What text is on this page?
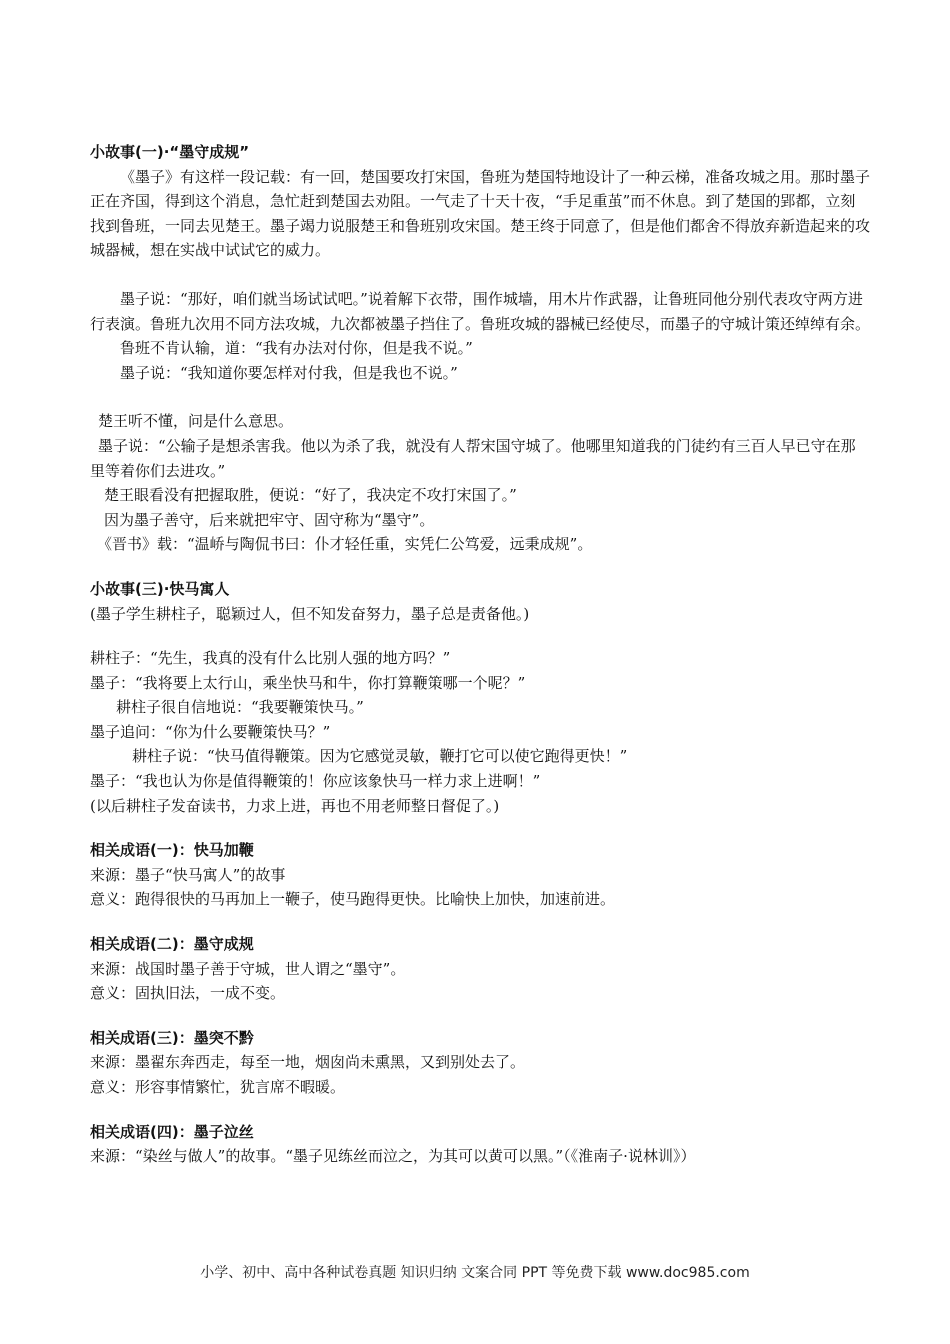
小故事(一)·“墨守成规”
《墨子》有这样一段记载：有一回，楚国要攻打宋国，鲁班为楚国特地设计了一种云梯，准备攻城之用。那时墨子正在齐国，得到这个消息，急忙赶到楚国去劝阻。一气走了十天十夜，“手足重茧”而不休息。到了楚国的郢都，立刻找到鲁班，一同去见楚王。墨子竭力说服楚王和鲁班别攻宋国。楚王终于同意了，但是他们都舍不得放弃新造起来的攻城器械，想在实战中试试它的威力。
墨子说：“那好，咱们就当场试试吧。”说着解下衣带，围作城墙，用木片作武器，让鲁班同他分别代表攻守两方进行表演。鲁班九次用不同方法攻城，九次都被墨子挡住了。鲁班攻城的器械已经使尽，而墨子的守城计策还绰绰有余。
鲁班不肯认输，道：“我有办法对付你，但是我不说。”
墨子说：“我知道你要怎样对付我，但是我也不说。”
楚王听不懂，问是什么意思。
墨子说：“公输子是想杀害我。他以为杀了我，就没有人帮宋国守城了。他哪里知道我的门徒约有三百人早已守在那里等着你们去进攻。”
楚王眼看没有把握取胜，便说：“好了，我决定不攻打宋国了。”
因为墨子善守，后来就把牢守、固守称为“墨守”。
《晋书》载：“温峤与陶侃书曰：仆才轻任重，实凭仁公笃爱，远秉成规”。
小故事(三)·快马寓人
(墨子学生耕柱子，聪颖过人，但不知发奋努力，墨子总是责备他。)
耕柱子：“先生，我真的没有什么比别人强的地方吗？”
墨子：“我将要上太行山，乘坐快马和牛，你打算鞭策哪一个呢？”
耕柱子很自信地说：“我要鞭策快马。”
墨子追问：“你为什么要鞭策快马？”
耕柱子说：“快马值得鞭策。因为它感觉灵敏，鞭打它可以使它跑得更快！”
墨子：“我也认为你是值得鞭策的！你应该象快马一样力求上进啊！”
(以后耕柱子发奋读书，力求上进，再也不用老师整日督促了。)
相关成语(一)：快马加鞭
来源：墨子“快马寓人”的故事
意义：跑得很快的马再加上一鞭子，使马跑得更快。比喻快上加快，加速前进。
相关成语(二)：墨守成规
来源：战国时墨子善于守城，世人谓之“墨守”。
意义：固执旧法，一成不变。
相关成语(三)：墨突不黔
来源：墨翟东奔西走，每至一地，烟囱尚未熏黑，又到别处去了。
意义：形容事情繁忙，犹言席不暇暖。
相关成语(四)：墨子泣丝
来源：“染丝与做人”的故事。“墨子见练丝而泣之，为其可以黄可以黑。”（《淮南子·说林训》）
小学、初中、高中各种试卷真题 知识归纳 文案合同 PPT 等免费下载 www.doc985.com
